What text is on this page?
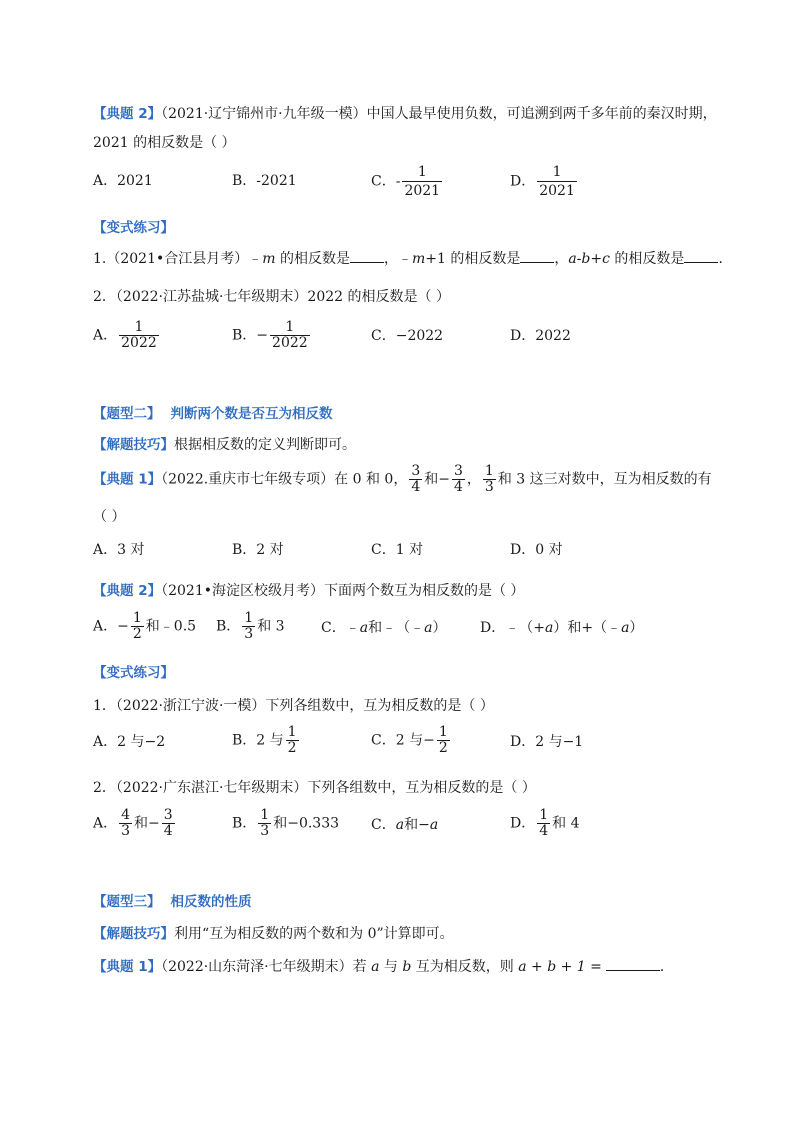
【典题 2】（2021·辽宁锦州市·九年级一模）中国人最早使用负数，可追溯到两千多年前的秦汉时期，
2021 的相反数是（ ）
A．2021	B．-2021	C．- $\frac{1}{2021}$	D． $\frac{1}{2021}$
【变式练习】
1.（2021•合江县月考）﹣m 的相反数是 ，﹣m+1 的相反数是 ，a-b+c 的相反数是 ．
2．（2022·江苏盐城·七年级期末）2022 的相反数是（ ）
A． $\frac{1}{2022}$	B．− $\frac{1}{2022}$	C．−2022	D．2022
【题型二】 判断两个数是否互为相反数
【解题技巧】根据相反数的定义判断即可。
【典题 1】（2022.重庆市七年级专项）在 0 和 0， $\frac{3}{4}$ 和− $\frac{3}{4}$ ， $\frac{1}{3}$ 和 3 这三对数中，互为相反数的有
（ ）
A．3 对	B．2 对	C．1 对	D．0 对
【典题 2】（2021•海淀区校级月考）下面两个数互为相反数的是（ ）
A．− $\frac{1}{2}$ 和﹣0.5 B． $\frac{1}{3}$ 和 3	C．﹣a和﹣（﹣a） D．﹣（+a）和+（﹣a）
【变式练习】
1．（2022·浙江宁波·一模）下列各组数中，互为相反数的是（ ）
A．2 与−2	B．2 与 $\frac{1}{2}$	C．2 与− $\frac{1}{2}$	D．2 与−1
2．（2022·广东湛江·七年级期末）下列各组数中，互为相反数的是（ ）
A． $\frac{4}{3}$ 和− $\frac{3}{4}$	B． $\frac{1}{3}$ 和−0.333 C．a和−a	D． $\frac{1}{4}$ 和 4
【题型三】 相反数的性质
【解题技巧】利用“互为相反数的两个数和为 0”计算即可。
【典题 1】（2022·山东菏泽·七年级期末）若 a 与 b 互为相反数，则 a + b + 1 =	．
